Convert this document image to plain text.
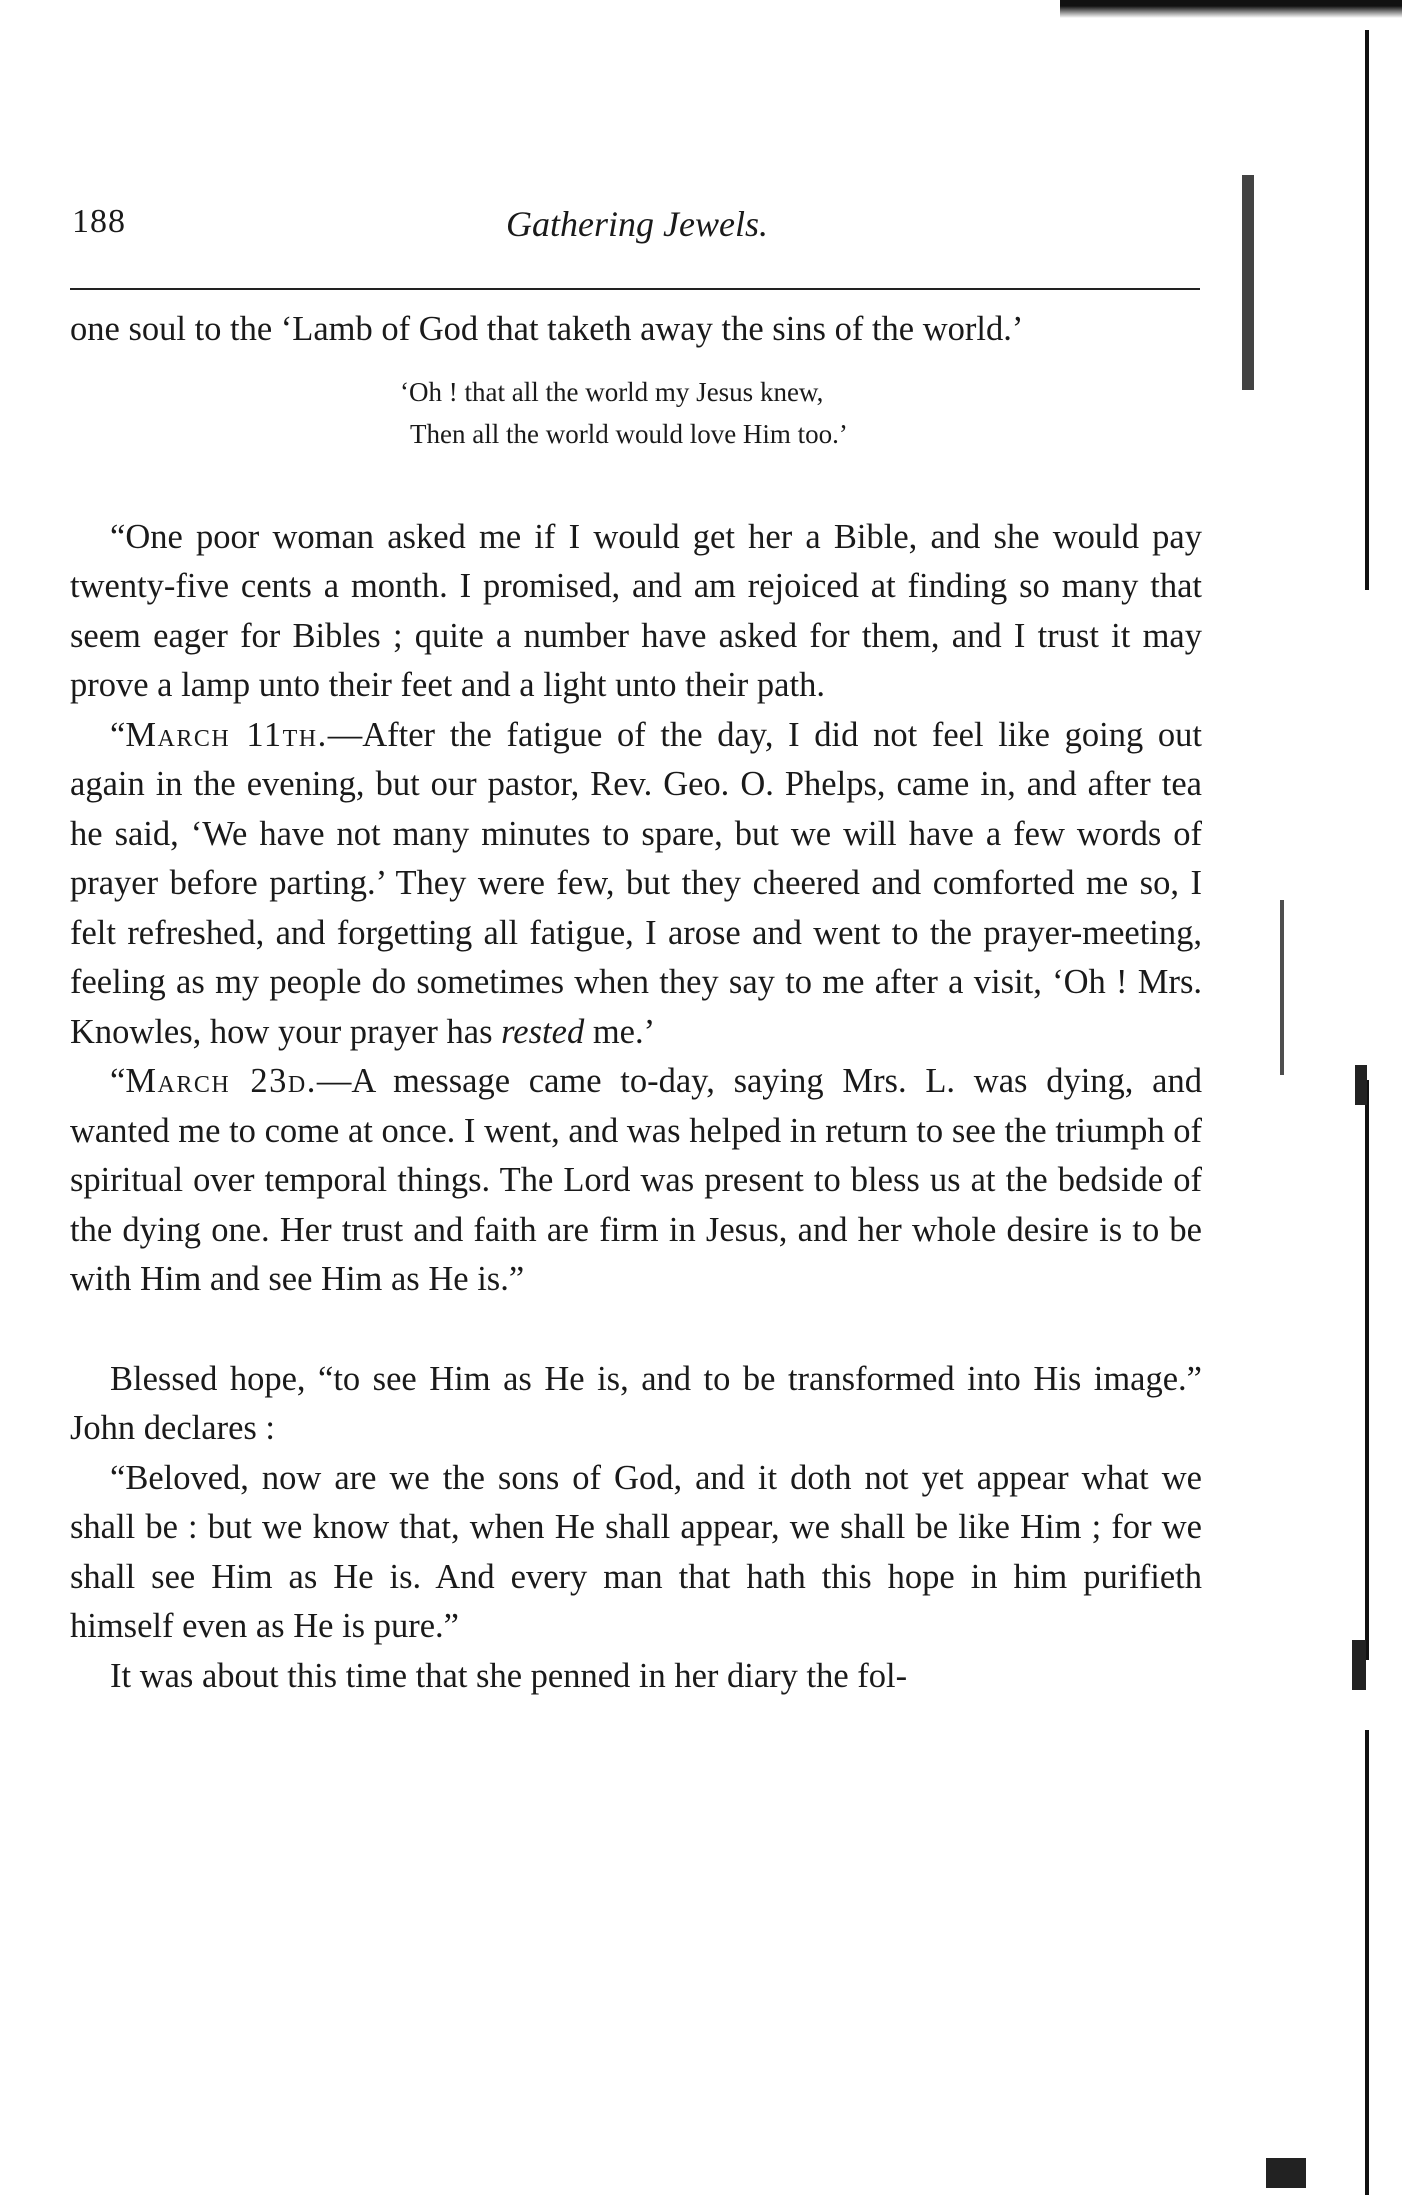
188	Gathering Jewels.

one soul to the ‘Lamb of God that taketh away the sins of the world.’

‘Oh ! that all the world my Jesus knew,
Then all the world would love Him too.’

“One poor woman asked me if I would get her a Bible, and she would pay twenty-five cents a month. I promised, and am rejoiced at finding so many that seem eager for Bibles ; quite a number have asked for them, and I trust it may prove a lamp unto their feet and a light unto their path.

“March 11th.—After the fatigue of the day, I did not feel like going out again in the evening, but our pastor, Rev. Geo. O. Phelps, came in, and after tea he said, ‘We have not many minutes to spare, but we will have a few words of prayer before parting.’ They were few, but they cheered and comforted me so, I felt refreshed, and forgetting all fatigue, I arose and went to the prayer-meeting, feeling as my people do sometimes when they say to me after a visit, ‘Oh ! Mrs. Knowles, how your prayer has rested me.’

“March 23d.—A message came to-day, saying Mrs. L. was dying, and wanted me to come at once. I went, and was helped in return to see the triumph of spiritual over temporal things. The Lord was present to bless us at the bedside of the dying one. Her trust and faith are firm in Jesus, and her whole desire is to be with Him and see Him as He is.”

Blessed hope, “to see Him as He is, and to be transformed into His image.” John declares :

“Beloved, now are we the sons of God, and it doth not yet appear what we shall be : but we know that, when He shall appear, we shall be like Him ; for we shall see Him as He is. And every man that hath this hope in him purifieth himself even as He is pure.”

It was about this time that she penned in her diary the fol-
